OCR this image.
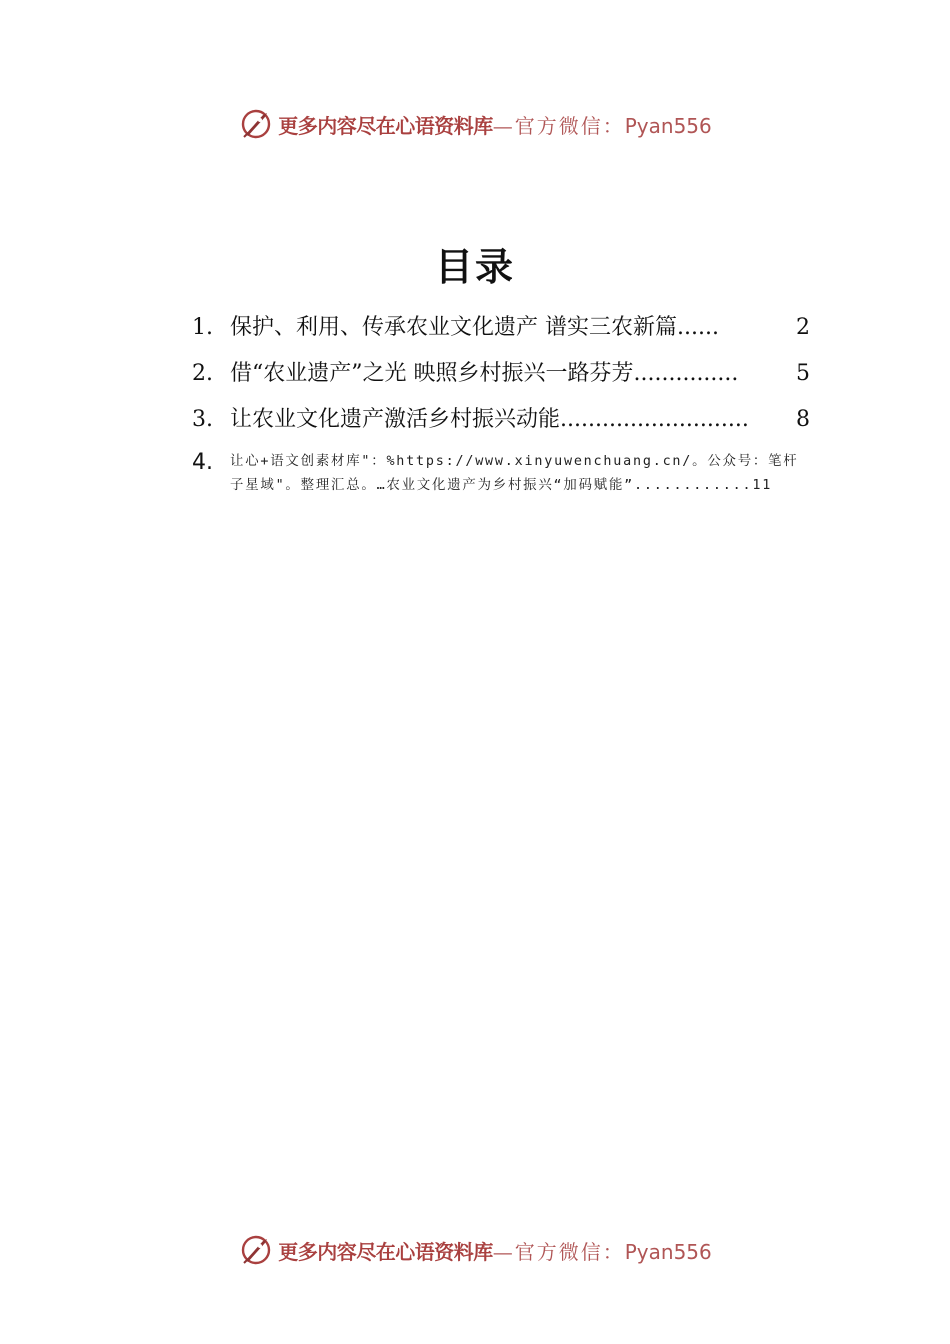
更多内容尽在心语资料库 —官方微信： Pyan556
目录
1. 保护、利用、传承农业文化遗产 谱实三农新篇 ......	2
2. 借“农业遗产”之光 映照乡村振兴一路芬芳 ...............	5
3. 让农业文化遗产激活乡村振兴动能 ...........................	8
4.	让心+语文创素材库"：%https://www.xinyuwenchuang.cn/。公众号：笔杆子星域"。整理汇总。…农业文化遗产为乡村振兴“加码赋能”............11
更多内容尽在心语资料库 —官方微信： Pyan556
